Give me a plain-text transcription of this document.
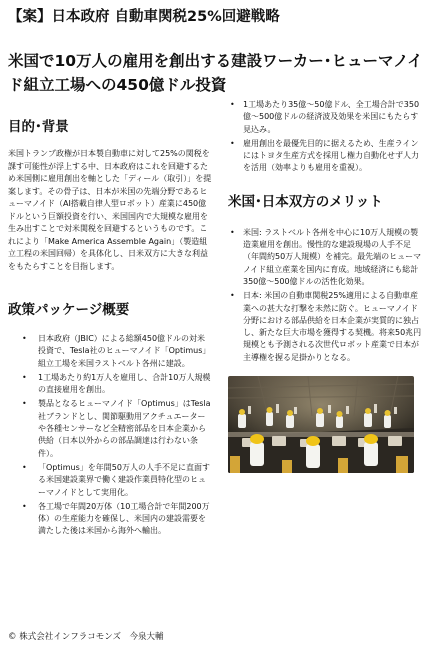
【案】日本政府 自動車関税25%回避戦略
米国で10万人の雇用を創出する建設ワーカー･ヒューマノイド組立工場への450億ドル投資
目的･背景

米国トランプ政権が日本製自動車に対して25%の関税を課す可能性が浮上する中、日本政府はこれを回避するため米国側に雇用創出を軸とした「ディール（取引）」を提案します。その骨子は、日本が米国の先端分野であるヒューマノイド（AI搭載自律人型ロボット）産業に450億ドルという巨額投資を行い、米国国内で大規模な雇用を生み出すことで対米関税を回避するというものです。これにより「Make America Assemble Again」（製造組立工程の米国回帰）を具体化し、日米双方に大きな利益をもたらすことを目指します。

政策パッケージ概要
• 日本政府（JBIC）による総額450億ドルの対米投資で、Tesla社のヒューマノイド「Optimus」組立工場を米国ラストベルト各州に建設。
• 1工場あたり約1万人を雇用し、合計10万人規模の直接雇用を創出。
• 製品となるヒューマノイド「Optimus」はTesla社ブランドとし、関節駆動用アクチュエーターや各種センサーなど全精密部品を日本企業から供給（日本以外からの部品調達は行わない条件）。
• 「Optimus」を年間50万人の人手不足に直面する米国建設業界で働く建設作業員特化型のヒューマノイドとして実用化。
• 各工場で年間20万体（10工場合計で年間200万体）の生産能力を確保し、米国内の建設需要を満たした後は米国から海外へ輸出。
• 1工場あたり35億～50億ドル、全工場合計で350億～500億ドルの経済波及効果を米国にもたらす見込み。
• 雇用創出を最優先目的に据えるため、生産ラインにはトヨタ生産方式を採用し権力自動化せず人力を活用（効率よりも雇用を重視）。
米国･日本双方のメリット
• 米国: ラストベルト各州を中心に10万人規模の製造業雇用を創出。慢性的な建設現場の人手不足（年間約50万人規模）を補完。最先端のヒューマノイド組立産業を国内に育成。地域経済にも総計350億～500億ドルの活性化効果。
• 日本: 米国の自動車関税25%適用による自動車産業への甚大な打撃を未然に防ぐ。ヒューマノイド分野における部品供給を日本企業が実質的に独占し、新たな巨大市場を獲得する契機。将来50兆円規模とも予測される次世代ロボット産業で日本が主導権を握る足掛かりとなる。
© 株式会社インフラコモンズ　今泉大輔
